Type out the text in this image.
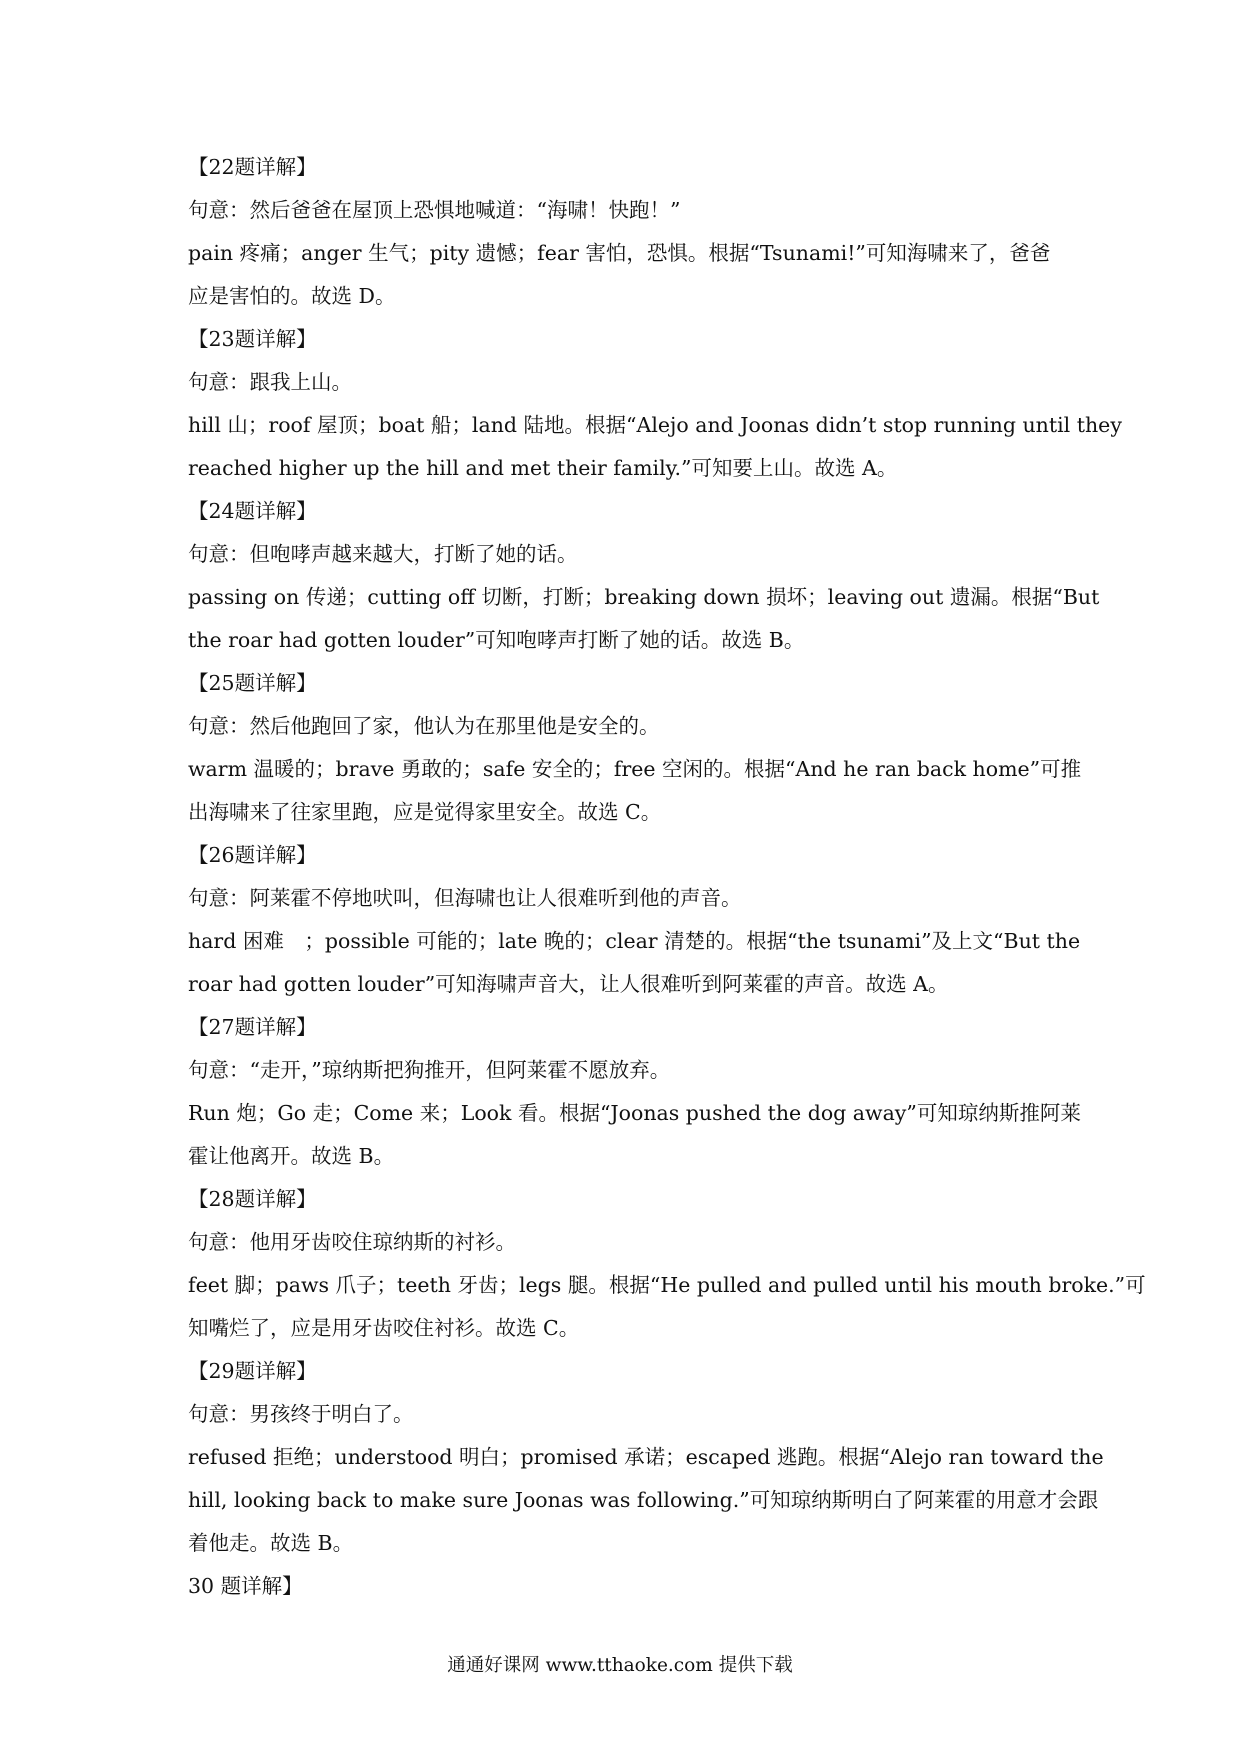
【22题详解】
句意：然后爸爸在屋顶上恐惧地喊道：“海啸！快跑！”
pain 疼痛；anger 生气；pity 遗憾；fear 害怕，恐惧。根据“Tsunami!”可知海啸来了，爸爸
应是害怕的。故选 D。
【23题详解】
句意：跟我上山。
hill 山；roof 屋顶；boat 船；land 陆地。根据“Alejo and Joonas didn’t stop running until they
reached higher up the hill and met their family.”可知要上山。故选 A。
【24题详解】
句意：但咆哮声越来越大，打断了她的话。
passing on 传递；cutting off 切断，打断；breaking down 损坏；leaving out 遗漏。根据“But
the roar had gotten louder”可知咆哮声打断了她的话。故选 B。
【25题详解】
句意：然后他跑回了家，他认为在那里他是安全的。
warm 温暖的；brave 勇敢的；safe 安全的；free 空闲的。根据“And he ran back home”可推
出海啸来了往家里跑，应是觉得家里安全。故选 C。
【26题详解】
句意：阿莱霍不停地吠叫，但海啸也让人很难听到他的声音。
hard 困难　；possible 可能的；late 晚的；clear 清楚的。根据“the tsunami”及上文“But the
roar had gotten louder”可知海啸声音大，让人很难听到阿莱霍的声音。故选 A。
【27题详解】
句意：“走开，”琼纳斯把狗推开，但阿莱霍不愿放弃。
Run 炮；Go 走；Come 来；Look 看。根据“Joonas pushed the dog away”可知琼纳斯推阿莱
霍让他离开。故选 B。
【28题详解】
句意：他用牙齿咬住琼纳斯的衬衫。
feet 脚；paws 爪子；teeth 牙齿；legs 腿。根据“He pulled and pulled until his mouth broke.”可
知嘴烂了，应是用牙齿咬住衬衫。故选 C。
【29题详解】
句意：男孩终于明白了。
refused 拒绝；understood 明白；promised 承诺；escaped 逃跑。根据“Alejo ran toward the
hill, looking back to make sure Joonas was following.”可知琼纳斯明白了阿莱霍的用意才会跟
着他走。故选 B。
30 题详解】
通通好课网 www.tthaoke.com 提供下载
